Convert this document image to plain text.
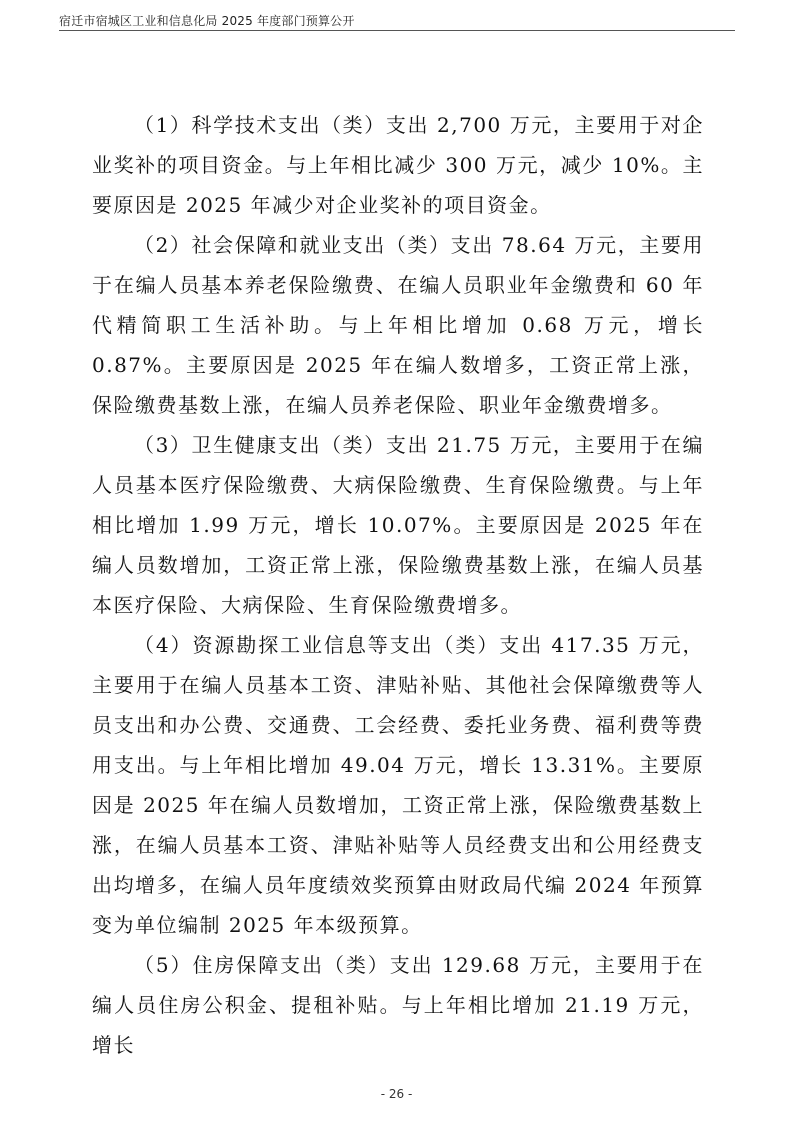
宿迁市宿城区工业和信息化局 2025 年度部门预算公开

（1）科学技术支出（类）支出 2,700 万元，主要用于对企业奖补的项目资金。与上年相比减少 300 万元，减少 10%。主要原因是 2025 年减少对企业奖补的项目资金。

（2）社会保障和就业支出（类）支出 78.64 万元，主要用于在编人员基本养老保险缴费、在编人员职业年金缴费和 60 年代精简职工生活补助。与上年相比增加 0.68 万元，增长 0.87%。主要原因是 2025 年在编人数增多，工资正常上涨，保险缴费基数上涨，在编人员养老保险、职业年金缴费增多。

（3）卫生健康支出（类）支出 21.75 万元，主要用于在编人员基本医疗保险缴费、大病保险缴费、生育保险缴费。与上年相比增加 1.99 万元，增长 10.07%。主要原因是 2025 年在编人员数增加，工资正常上涨，保险缴费基数上涨，在编人员基本医疗保险、大病保险、生育保险缴费增多。

（4）资源勘探工业信息等支出（类）支出 417.35 万元，主要用于在编人员基本工资、津贴补贴、其他社会保障缴费等人员支出和办公费、交通费、工会经费、委托业务费、福利费等费用支出。与上年相比增加 49.04 万元，增长 13.31%。主要原因是 2025 年在编人员数增加，工资正常上涨，保险缴费基数上涨，在编人员基本工资、津贴补贴等人员经费支出和公用经费支出均增多，在编人员年度绩效奖预算由财政局代编 2024 年预算变为单位编制 2025 年本级预算。

（5）住房保障支出（类）支出 129.68 万元，主要用于在编人员住房公积金、提租补贴。与上年相比增加 21.19 万元，增长

- 26 -
